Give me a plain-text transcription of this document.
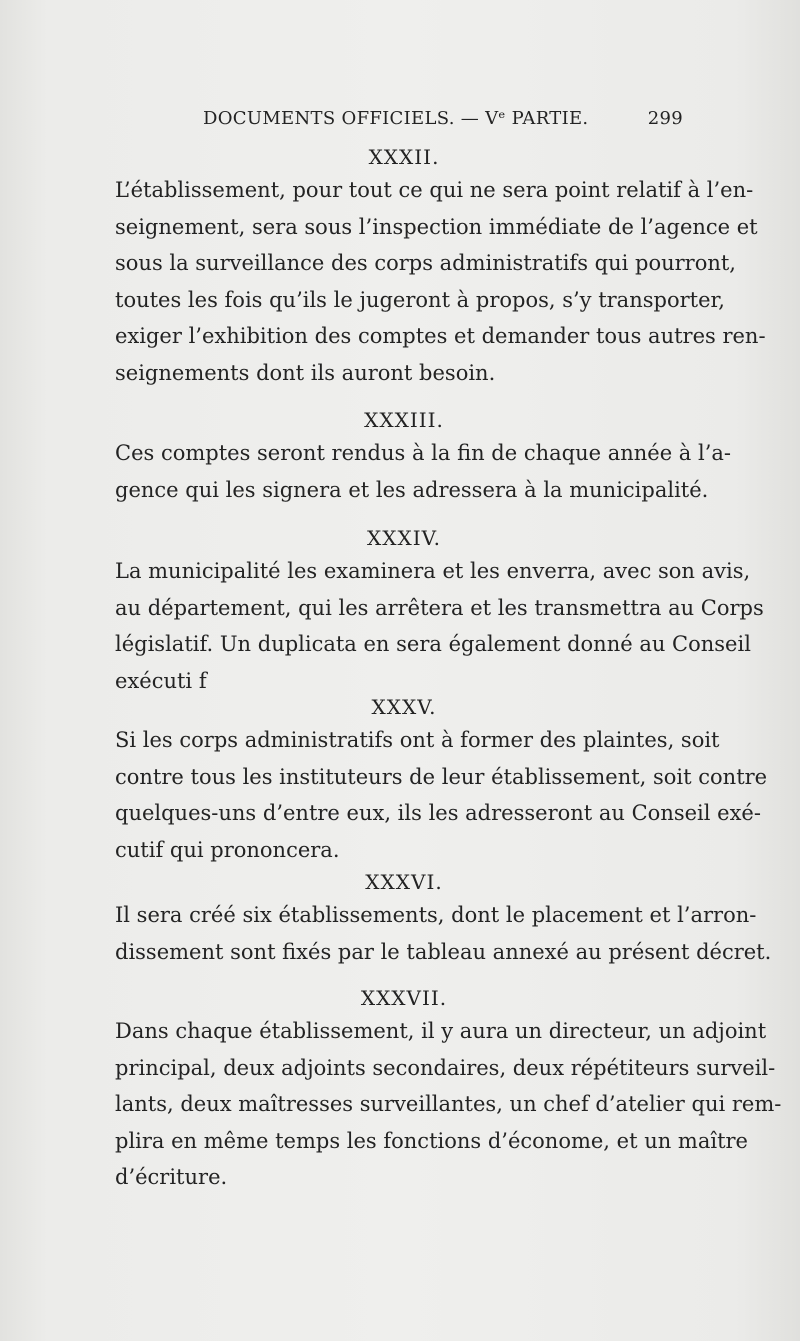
DOCUMENTS OFFICIELS. — Vᵉ PARTIE.	299
XXXII.

L’établissement, pour tout ce qui ne sera point relatif à l’en-
seignement, sera sous l’inspection immédiate de l’agence et
sous la surveillance des corps administratifs qui pourront,
toutes les fois qu’ils le jugeront à propos, s’y transporter,
exiger l’exhibition des comptes et demander tous autres ren-
seignements dont ils auront besoin.

XXXIII.

Ces comptes seront rendus à la fin de chaque année à l’a-
gence qui les signera et les adressera à la municipalité.

XXXIV.

La municipalité les examinera et les enverra, avec son avis,
au département, qui les arrêtera et les transmettra au Corps
législatif. Un duplicata en sera également donné au Conseil
exécuti f

XXXV.

Si les corps administratifs ont à former des plaintes, soit
contre tous les instituteurs de leur établissement, soit contre
quelques-uns d’entre eux, ils les adresseront au Conseil exé-
cutif qui prononcera.

XXXVI.

Il sera créé six établissements, dont le placement et l’arron-
dissement sont fixés par le tableau annexé au présent décret.

XXXVII.

Dans chaque établissement, il y aura un directeur, un adjoint
principal, deux adjoints secondaires, deux répétiteurs surveil-
lants, deux maîtresses surveillantes, un chef d’atelier qui rem-
plira en même temps les fonctions d’économe, et un maître
d’écriture.
